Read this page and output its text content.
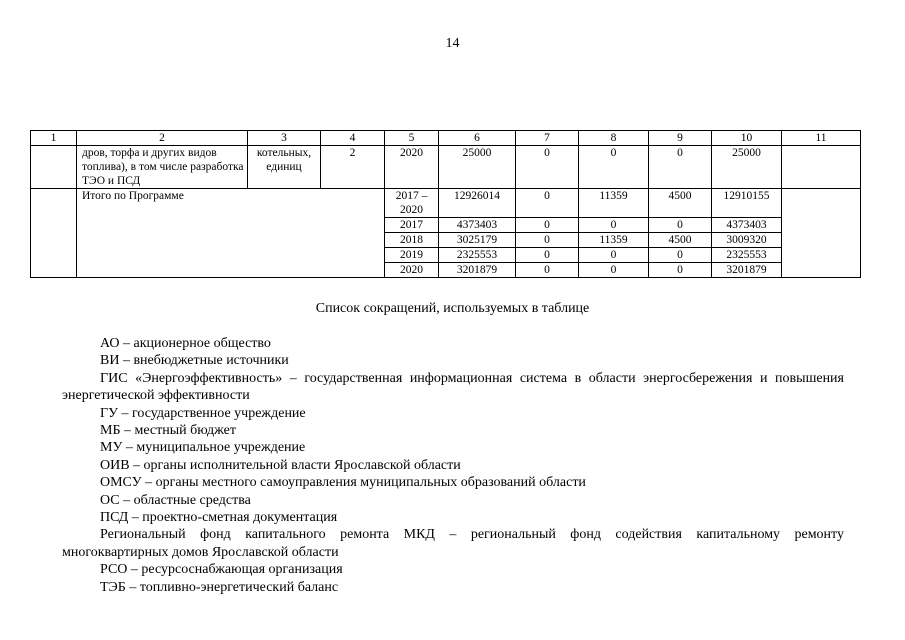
14
1	2	3	4	5	6	7	8	9	10	11
	дров, торфа и других видов топлива), в том числе разработка ТЭО и ПСД	котельных, единиц	2	2020	25000	0	0	0	25000	
	Итого по Программе			2017 – 2020	12926014	0	11359	4500	12910155	
				2017	4373403	0	0	0	4373403	
				2018	3025179	0	11359	4500	3009320	
				2019	2325553	0	0	0	2325553	
				2020	3201879	0	0	0	3201879	
Список сокращений, используемых в таблице
АО – акционерное общество
ВИ – внебюджетные источники
ГИС «Энергоэффективность» – государственная информационная система в области энергосбережения и повышения энергетической эффективности
ГУ – государственное учреждение
МБ – местный бюджет
МУ – муниципальное учреждение
ОИВ – органы исполнительной власти Ярославской области
ОМСУ – органы местного самоуправления муниципальных образований области
ОС – областные средства
ПСД – проектно-сметная документация
Региональный фонд капитального ремонта МКД – региональный фонд содействия капитальному ремонту многоквартирных домов Ярославской области
РСО – ресурсоснабжающая организация
ТЭБ – топливно-энергетический баланс
